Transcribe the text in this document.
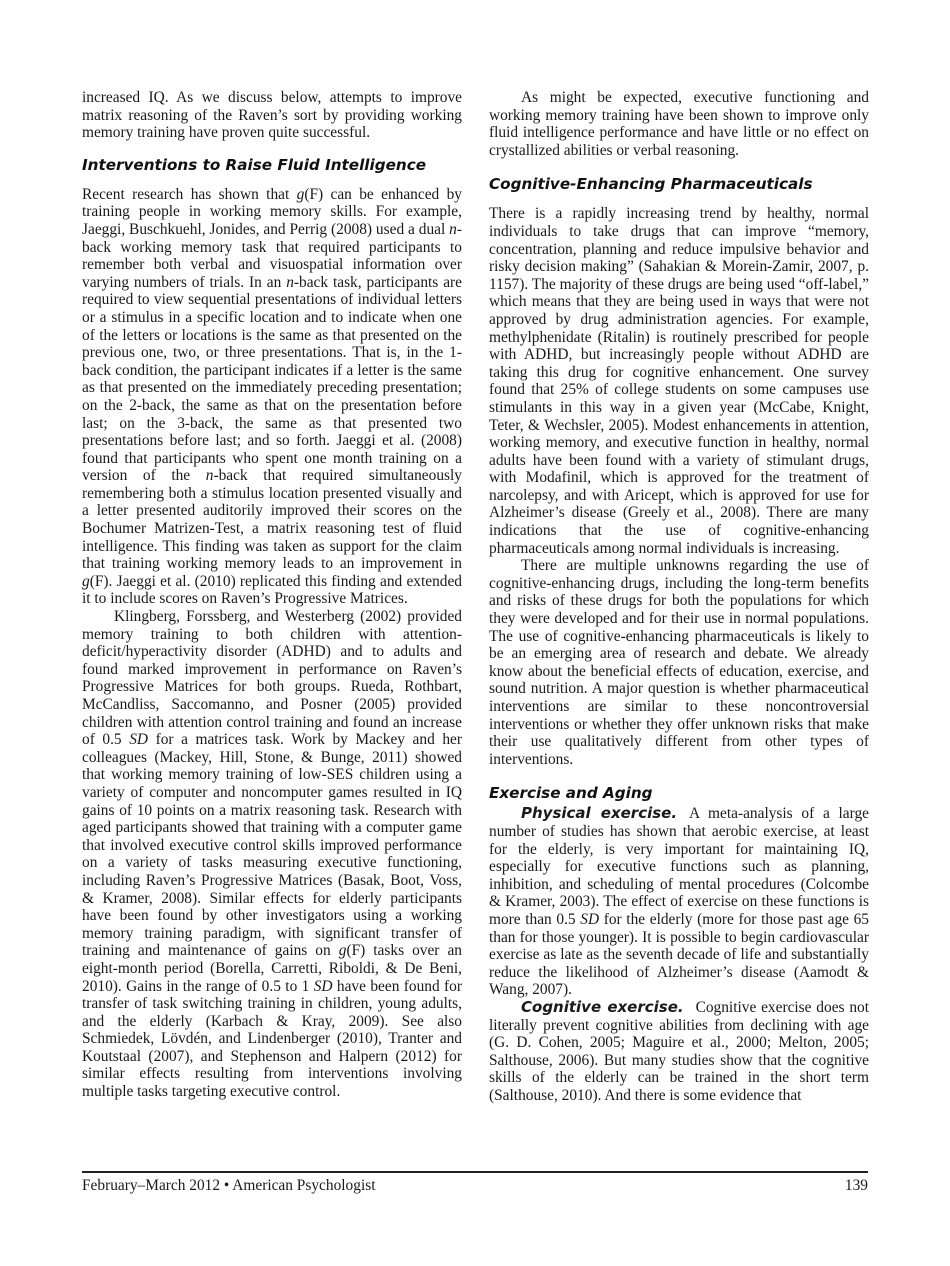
increased IQ. As we discuss below, attempts to improve matrix reasoning of the Raven’s sort by providing working memory training have proven quite successful.

Interventions to Raise Fluid Intelligence

Recent research has shown that g(F) can be enhanced by training people in working memory skills. For example, Jaeggi, Buschkuehl, Jonides, and Perrig (2008) used a dual n-back working memory task that required participants to remember both verbal and visuospatial information over varying numbers of trials. In an n-back task, participants are required to view sequential presentations of individual letters or a stimulus in a specific location and to indicate when one of the letters or locations is the same as that presented on the previous one, two, or three presentations. That is, in the 1-back condition, the participant indicates if a letter is the same as that presented on the immediately preceding presentation; on the 2-back, the same as that on the presentation before last; on the 3-back, the same as that presented two presentations before last; and so forth. Jaeggi et al. (2008) found that participants who spent one month training on a version of the n-back that required simultaneously remembering both a stimulus location presented visually and a letter presented auditorily improved their scores on the Bochumer Matrizen-Test, a matrix reasoning test of fluid intelligence. This finding was taken as support for the claim that training working memory leads to an improvement in g(F). Jaeggi et al. (2010) replicated this finding and extended it to include scores on Raven’s Progressive Matrices.

Klingberg, Forssberg, and Westerberg (2002) provided memory training to both children with attention-deficit/hyperactivity disorder (ADHD) and to adults and found marked improvement in performance on Raven’s Progressive Matrices for both groups. Rueda, Rothbart, McCandliss, Saccomanno, and Posner (2005) provided children with attention control training and found an increase of 0.5 SD for a matrices task. Work by Mackey and her colleagues (Mackey, Hill, Stone, & Bunge, 2011) showed that working memory training of low-SES children using a variety of computer and noncomputer games resulted in IQ gains of 10 points on a matrix reasoning task. Research with aged participants showed that training with a computer game that involved executive control skills improved performance on a variety of tasks measuring executive functioning, including Raven’s Progressive Matrices (Basak, Boot, Voss, & Kramer, 2008). Similar effects for elderly participants have been found by other investigators using a working memory training paradigm, with significant transfer of training and maintenance of gains on g(F) tasks over an eight-month period (Borella, Carretti, Riboldi, & De Beni, 2010). Gains in the range of 0.5 to 1 SD have been found for transfer of task switching training in children, young adults, and the elderly (Karbach & Kray, 2009). See also Schmiedek, Lövdén, and Lindenberger (2010), Tranter and Koutstaal (2007), and Stephenson and Halpern (2012) for similar effects resulting from interventions involving multiple tasks targeting executive control.

As might be expected, executive functioning and working memory training have been shown to improve only fluid intelligence performance and have little or no effect on crystallized abilities or verbal reasoning.

Cognitive-Enhancing Pharmaceuticals

There is a rapidly increasing trend by healthy, normal individuals to take drugs that can improve “memory, concentration, planning and reduce impulsive behavior and risky decision making” (Sahakian & Morein-Zamir, 2007, p. 1157). The majority of these drugs are being used “off-label,” which means that they are being used in ways that were not approved by drug administration agencies. For example, methylphenidate (Ritalin) is routinely prescribed for people with ADHD, but increasingly people without ADHD are taking this drug for cognitive enhancement. One survey found that 25% of college students on some campuses use stimulants in this way in a given year (McCabe, Knight, Teter, & Wechsler, 2005). Modest enhancements in attention, working memory, and executive function in healthy, normal adults have been found with a variety of stimulant drugs, with Modafinil, which is approved for the treatment of narcolepsy, and with Aricept, which is approved for use for Alzheimer’s disease (Greely et al., 2008). There are many indications that the use of cognitive-enhancing pharmaceuticals among normal individuals is increasing.

There are multiple unknowns regarding the use of cognitive-enhancing drugs, including the long-term benefits and risks of these drugs for both the populations for which they were developed and for their use in normal populations. The use of cognitive-enhancing pharmaceuticals is likely to be an emerging area of research and debate. We already know about the beneficial effects of education, exercise, and sound nutrition. A major question is whether pharmaceutical interventions are similar to these noncontroversial interventions or whether they offer unknown risks that make their use qualitatively different from other types of interventions.

Exercise and Aging

Physical exercise. A meta-analysis of a large number of studies has shown that aerobic exercise, at least for the elderly, is very important for maintaining IQ, especially for executive functions such as planning, inhibition, and scheduling of mental procedures (Colcombe & Kramer, 2003). The effect of exercise on these functions is more than 0.5 SD for the elderly (more for those past age 65 than for those younger). It is possible to begin cardiovascular exercise as late as the seventh decade of life and substantially reduce the likelihood of Alzheimer’s disease (Aamodt & Wang, 2007).

Cognitive exercise. Cognitive exercise does not literally prevent cognitive abilities from declining with age (G. D. Cohen, 2005; Maguire et al., 2000; Melton, 2005; Salthouse, 2006). But many studies show that the cognitive skills of the elderly can be trained in the short term (Salthouse, 2010). And there is some evidence that

February–March 2012 • American Psychologist	139
